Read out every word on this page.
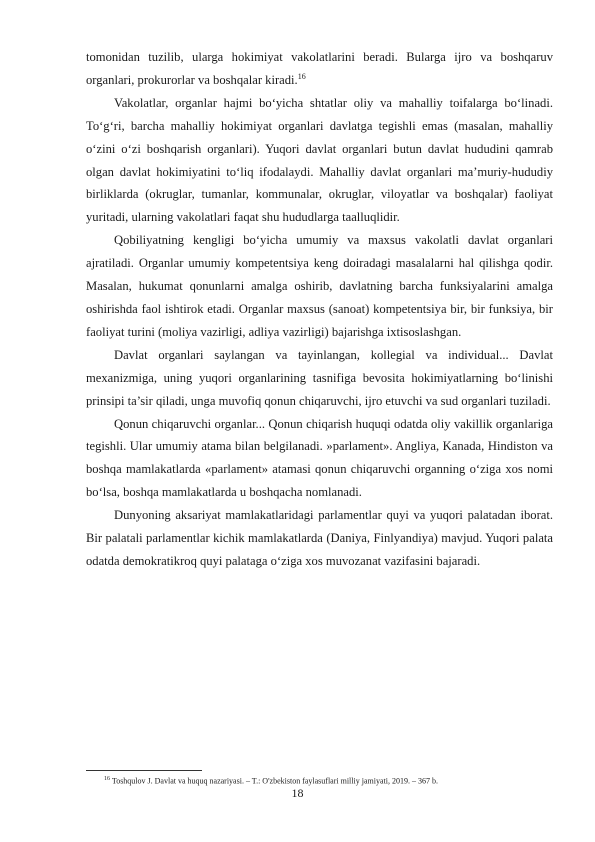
tomonidan tuzilib, ularga hokimiyat vakolatlarini beradi. Bularga ijro va boshqaruv organlari, prokurorlar va boshqalar kiradi.$^{16}$

Vakolatlar, organlar hajmi bo‘yicha shtatlar oliy va mahalliy toifalarga bo‘linadi. To‘g‘ri, barcha mahalliy hokimiyat organlari davlatga tegishli emas (masalan, mahalliy o‘zini o‘zi boshqarish organlari). Yuqori davlat organlari butun davlat hududini qamrab olgan davlat hokimiyatini to‘liq ifodalaydi. Mahalliy davlat organlari maʼmuriy-hududiy birliklarda (okruglar, tumanlar, kommunalar, okruglar, viloyatlar va boshqalar) faoliyat yuritadi, ularning vakolatlari faqat shu hududlarga taalluqlidir.

Qobiliyatning kengligi bo‘yicha umumiy va maxsus vakolatli davlat organlari ajratiladi. Organlar umumiy kompetentsiya keng doiradagi masalalarni hal qilishga qodir. Masalan, hukumat qonunlarni amalga oshirib, davlatning barcha funksiyalarini amalga oshirishda faol ishtirok etadi. Organlar maxsus (sanoat) kompetentsiya bir, bir funksiya, bir faoliyat turini (moliya vazirligi, adliya vazirligi) bajarishga ixtisoslashgan.

Davlat organlari saylangan va tayinlangan, kollegial va individual... Davlat mexanizmiga, uning yuqori organlarining tasnifiga bevosita hokimiyatlarning bo‘linishi prinsipi ta’sir qiladi, unga muvofiq qonun chiqaruvchi, ijro etuvchi va sud organlari tuziladi.

Qonun chiqaruvchi organlar... Qonun chiqarish huquqi odatda oliy vakillik organlariga tegishli. Ular umumiy atama bilan belgilanadi. »parlament». Angliya, Kanada, Hindiston va boshqa mamlakatlarda «parlament» atamasi qonun chiqaruvchi organning o‘ziga xos nomi bo‘lsa, boshqa mamlakatlarda u boshqacha nomlanadi.

Dunyoning aksariyat mamlakatlaridagi parlamentlar quyi va yuqori palatadan iborat. Bir palatali parlamentlar kichik mamlakatlarda (Daniya, Finlyandiya) mavjud. Yuqori palata odatda demokratikroq quyi palataga o‘ziga xos muvozanat vazifasini bajaradi.

$^{16}$ Toshqulov J. Davlat va huquq nazariyasi. – T.: O'zbekiston faylasuflari milliy jamiyati, 2019. – 367 b.
18
